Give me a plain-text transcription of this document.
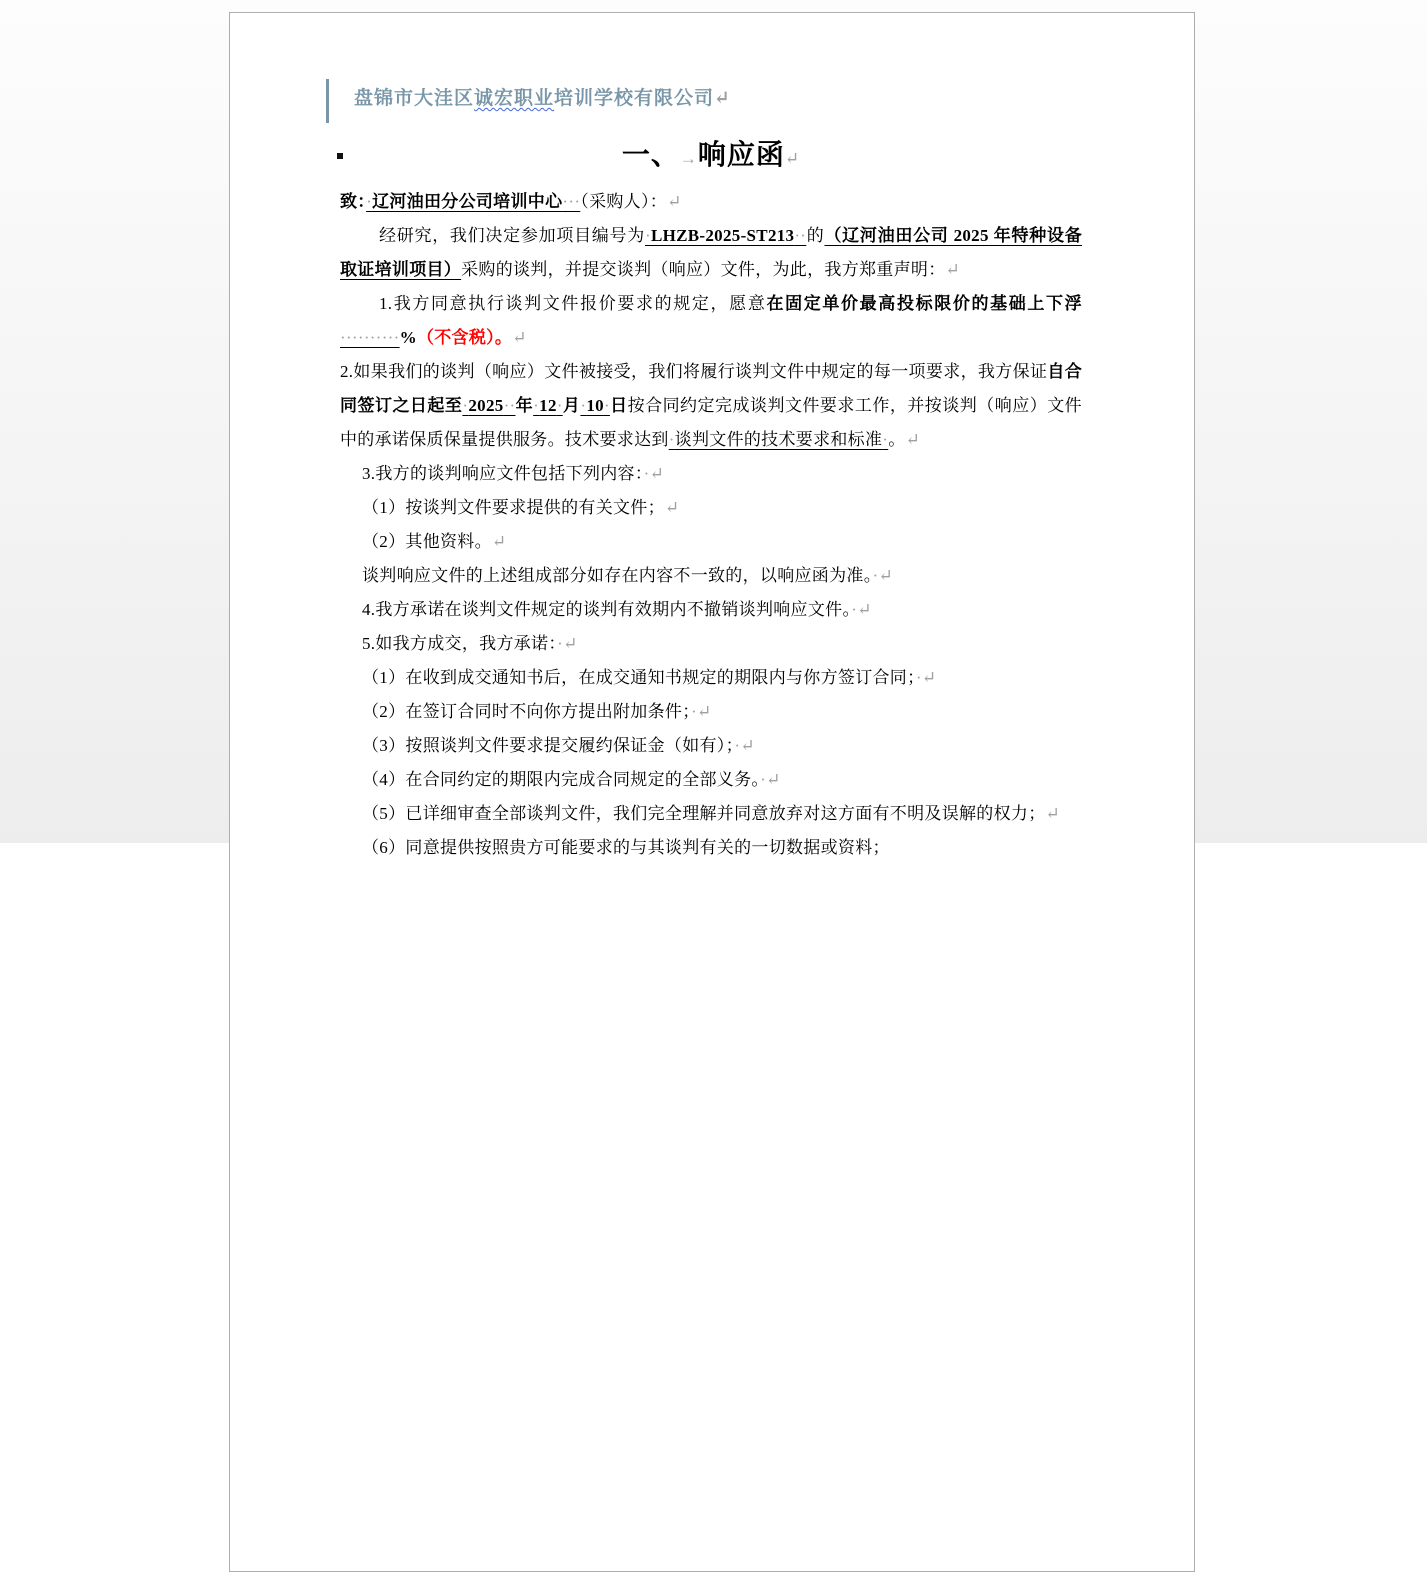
盘锦市大洼区诚宏职业培训学校有限公司↵
一、→响应函↵

致：·辽河油田分公司培训中心···（采购人）：↵

经研究，我们决定参加项目编号为·LHZB-2025-ST213··的（辽河油田公司 2025 年特种设备取证培训项目）采购的谈判，并提交谈判（响应）文件，为此，我方郑重声明：↵

1.我方同意执行谈判文件报价要求的规定，愿意在固定单价最高投标限价的基础上下浮··········%（不含税）。↵

2.如果我们的谈判（响应）文件被接受，我们将履行谈判文件中规定的每一项要求，我方保证自合同签订之日起至·2025··年·12·月·10·日按合同约定完成谈判文件要求工作，并按谈判（响应）文件中的承诺保质保量提供服务。技术要求达到·谈判文件的技术要求和标准·。↵

3.我方的谈判响应文件包括下列内容：·↵

（1）按谈判文件要求提供的有关文件；↵

（2）其他资料。↵

谈判响应文件的上述组成部分如存在内容不一致的，以响应函为准。·↵

4.我方承诺在谈判文件规定的谈判有效期内不撤销谈判响应文件。·↵

5.如我方成交，我方承诺：·↵

（1）在收到成交通知书后，在成交通知书规定的期限内与你方签订合同；·↵

（2）在签订合同时不向你方提出附加条件；·↵

（3）按照谈判文件要求提交履约保证金（如有）；·↵

（4）在合同约定的期限内完成合同规定的全部义务。·↵

（5）已详细审查全部谈判文件，我们完全理解并同意放弃对这方面有不明及误解的权力；↵

（6）同意提供按照贵方可能要求的与其谈判有关的一切数据或资料；
